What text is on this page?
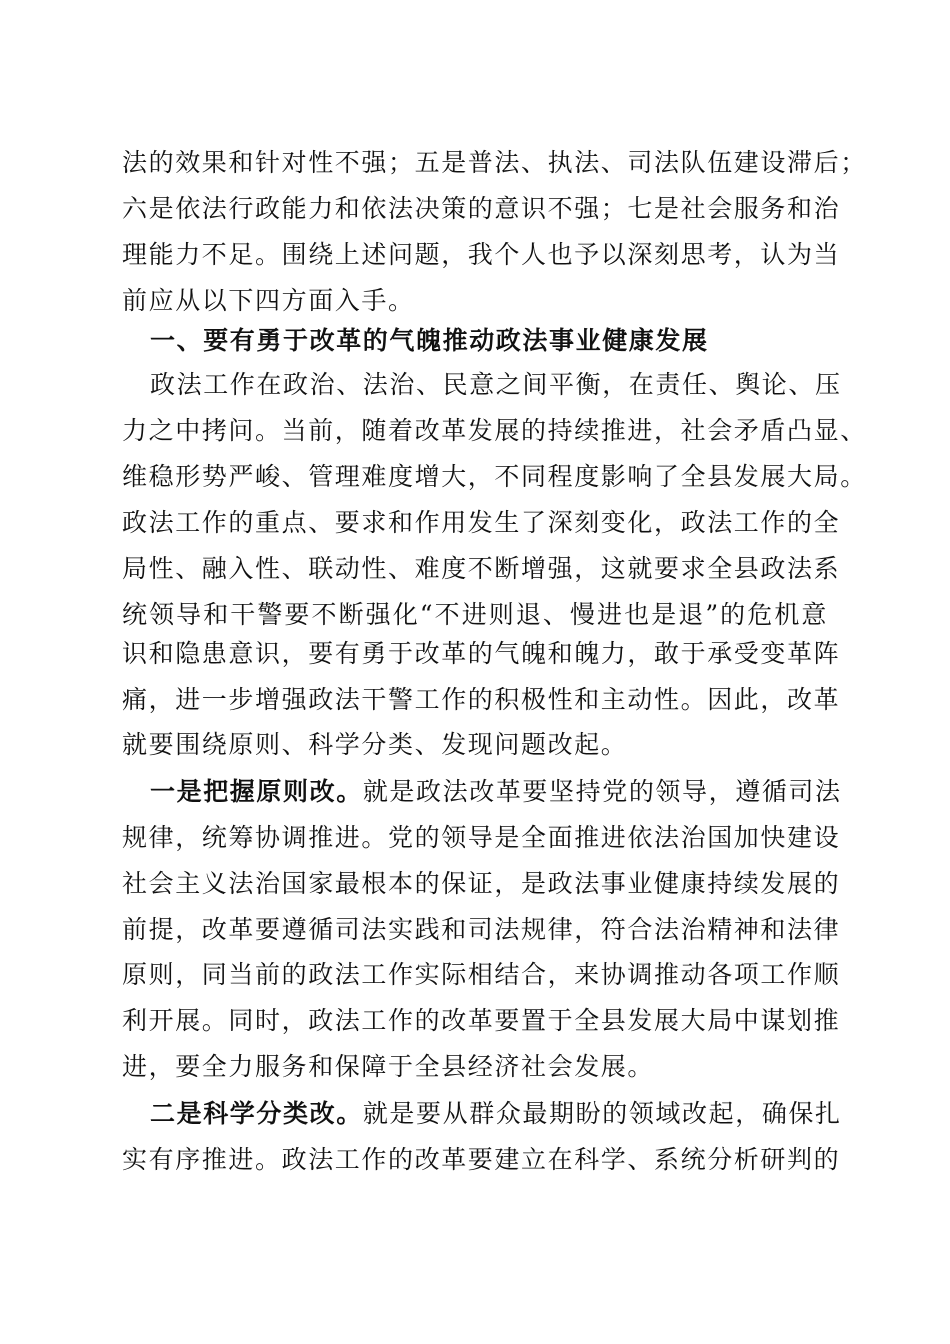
法的效果和针对性不强；五是普法、执法、司法队伍建设滞后；
六是依法行政能力和依法决策的意识不强；七是社会服务和治
理能力不足。围绕上述问题，我个人也予以深刻思考，认为当
前应从以下四方面入手。
一、要有勇于改革的气魄推动政法事业健康发展
政法工作在政治、法治、民意之间平衡，在责任、舆论、压
力之中拷问。当前，随着改革发展的持续推进，社会矛盾凸显、
维稳形势严峻、管理难度增大，不同程度影响了全县发展大局。
政法工作的重点、要求和作用发生了深刻变化，政法工作的全
局性、融入性、联动性、难度不断增强，这就要求全县政法系
统领导和干警要不断强化“不进则退、慢进也是退”的危机意
识和隐患意识，要有勇于改革的气魄和魄力，敢于承受变革阵
痛，进一步增强政法干警工作的积极性和主动性。因此，改革
就要围绕原则、科学分类、发现问题改起。
一是把握原则改。就是政法改革要坚持党的领导，遵循司法
规律，统筹协调推进。党的领导是全面推进依法治国加快建设
社会主义法治国家最根本的保证，是政法事业健康持续发展的
前提，改革要遵循司法实践和司法规律，符合法治精神和法律
原则，同当前的政法工作实际相结合，来协调推动各项工作顺
利开展。同时，政法工作的改革要置于全县发展大局中谋划推
进，要全力服务和保障于全县经济社会发展。
二是科学分类改。就是要从群众最期盼的领域改起，确保扎
实有序推进。政法工作的改革要建立在科学、系统分析研判的
